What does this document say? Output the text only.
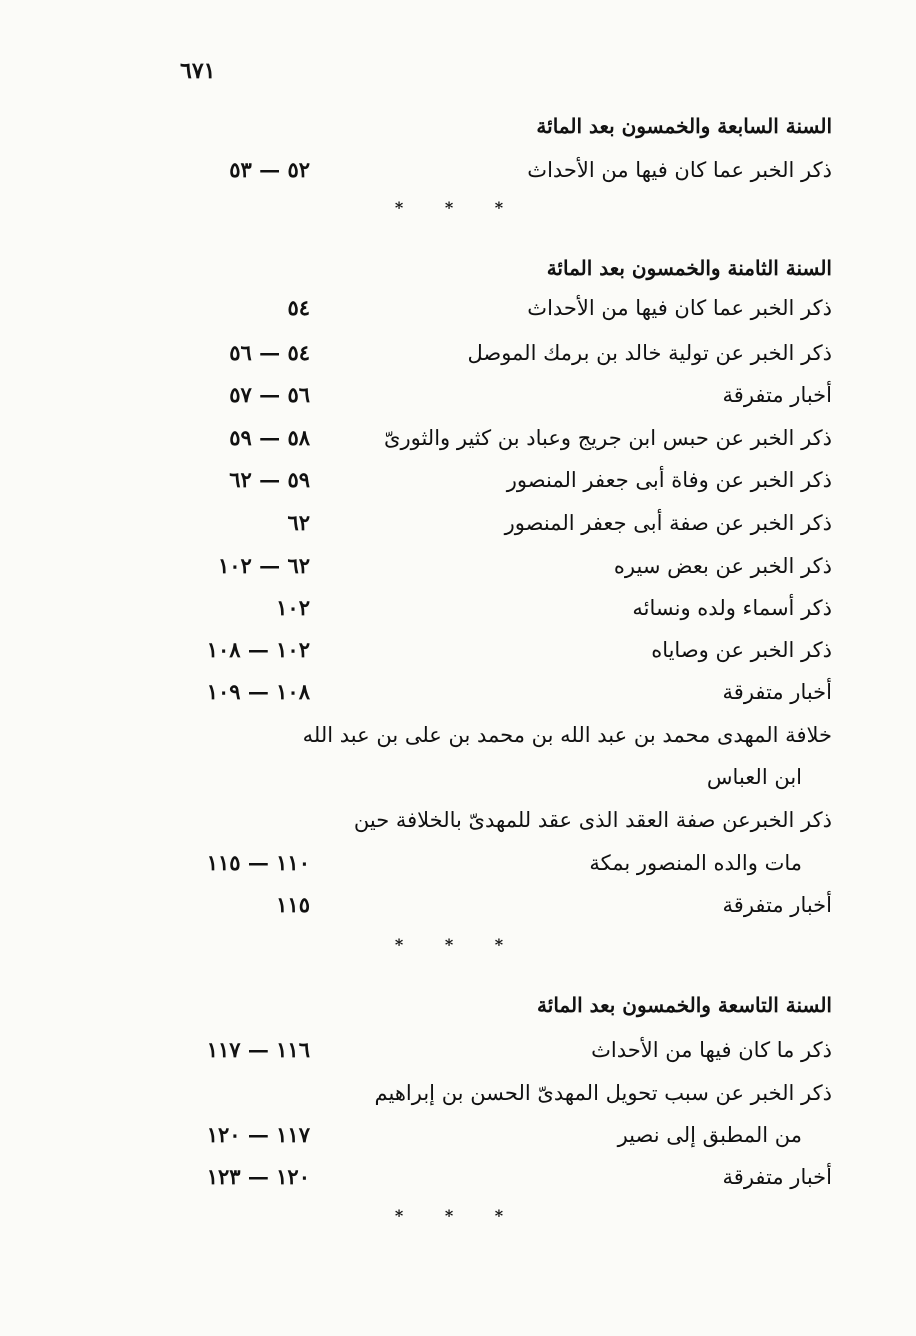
٦٧١
السنة السابعة والخمسون بعد المائة
ذكر الخبر عما كان فيها من الأحداث
٥٢ — ٥٣
* * *
السنة الثامنة والخمسون بعد المائة
ذكر الخبر عما كان فيها من الأحداث
٥٤
ذكر الخبر عن تولية خالد بن برمك الموصل
٥٤ — ٥٦
أخبار متفرقة
٥٦ — ٥٧
ذكر الخبر عن حبس ابن جريج وعباد بن كثير والثورىّ
٥٨ — ٥٩
ذكر الخبر عن وفاة أبى جعفر المنصور
٥٩ — ٦٢
ذكر الخبر عن صفة أبى جعفر المنصور
٦٢
ذكر الخبر عن بعض سيره
٦٢ — ١٠٢
ذكر أسماء ولده ونسائه
١٠٢
ذكر الخبر عن وصاياه
١٠٢ — ١٠٨
أخبار متفرقة
١٠٨ — ١٠٩
خلافة المهدى محمد بن عبد الله بن محمد بن على بن عبد الله
ابن العباس
ذكر الخبرعن صفة العقد الذى عقد للمهدىّ بالخلافة حين
مات والده المنصور بمكة
١١٠ — ١١٥
أخبار متفرقة
١١٥
* * *
السنة التاسعة والخمسون بعد المائة
ذكر ما كان فيها من الأحداث
١١٦ — ١١٧
ذكر الخبر عن سبب تحويل المهدىّ الحسن بن إبراهيم
من المطبق إلى نصير
١١٧ — ١٢٠
أخبار متفرقة
١٢٠ — ١٢٣
* * *
